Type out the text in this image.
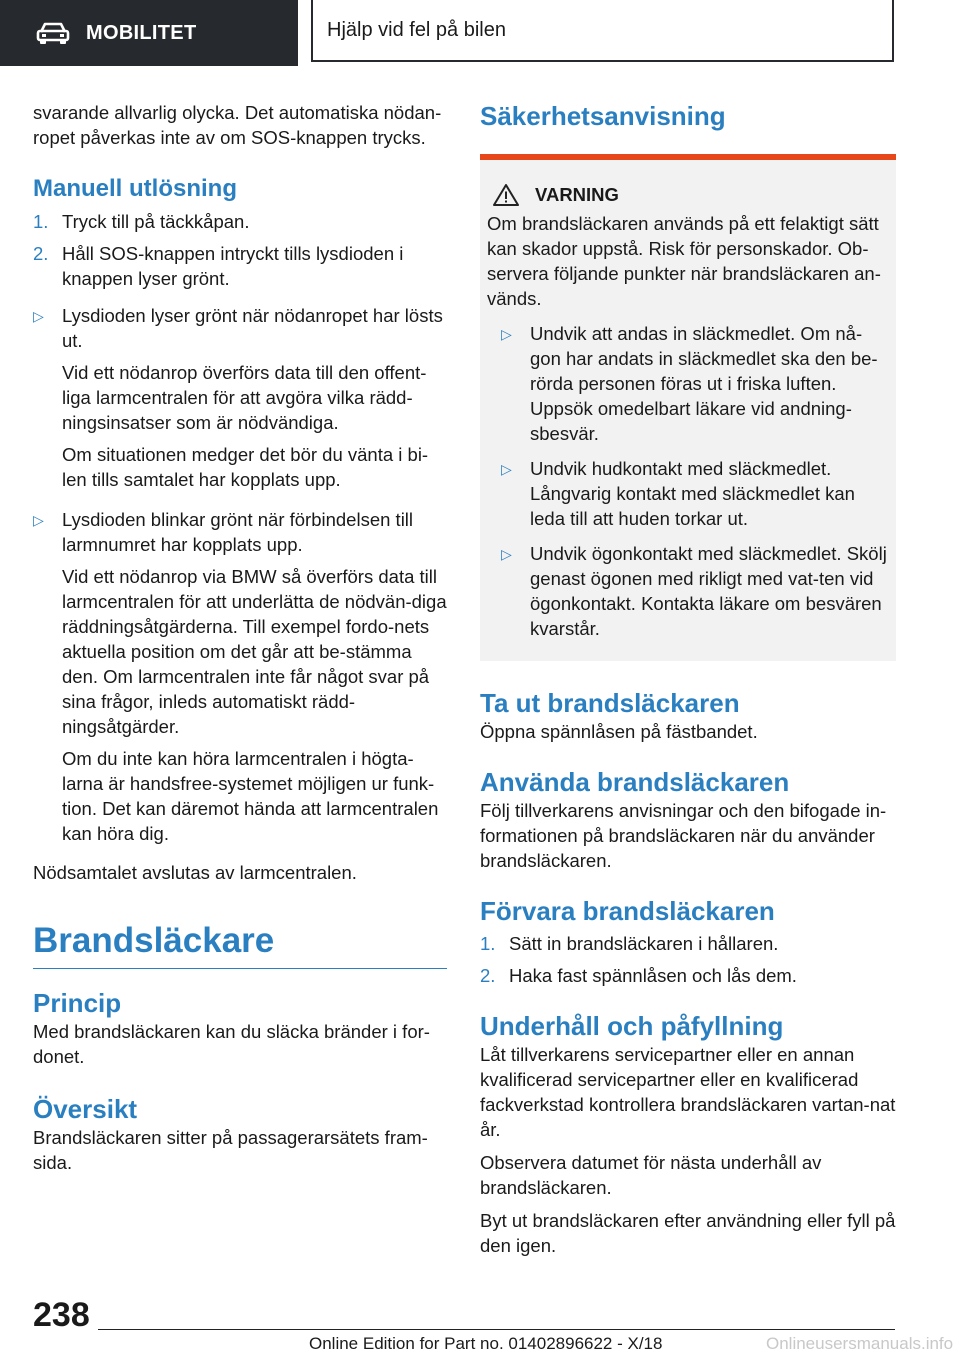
MOBILITET	Hjälp vid fel på bilen

svarande allvarlig olycka. Det automatiska nödan-ropet påverkas inte av om SOS-knappen trycks.

Manuell utlösning
1. Tryck till på täckkåpan.
2. Håll SOS-knappen intryckt tills lysdioden i knappen lyser grönt.
▷ Lysdioden lyser grönt när nödanropet har lösts ut.

Vid ett nödanrop överförs data till den offent-liga larmcentralen för att avgöra vilka rädd-ningsinsatser som är nödvändiga.

Om situationen medger det bör du vänta i bi-len tills samtalet har kopplats upp.

▷ Lysdioden blinkar grönt när förbindelsen till larmnumret har kopplats upp.

Vid ett nödanrop via BMW så överförs data till larmcentralen för att underlätta de nödvän-diga räddningsåtgärderna. Till exempel fordo-nets aktuella position om det går att be-stämma den. Om larmcentralen inte får något svar på sina frågor, inleds automatiskt rädd-ningsåtgärder.

Om du inte kan höra larmcentralen i högta-larna är handsfree-systemet möjligen ur funk-tion. Det kan däremot hända att larmcentralen kan höra dig.

Nödsamtalet avslutas av larmcentralen.

Brandsläckare
Princip

Med brandsläckaren kan du släcka bränder i for-donet.

Översikt

Brandsläckaren sitter på passagerarsätets fram-sida.

Säkerhetsanvisning
VARNING

Om brandsläckaren används på ett felaktigt sätt kan skador uppstå. Risk för personskador. Ob-servera följande punkter när brandsläckaren an-vänds.

▷ Undvik att andas in släckmedlet. Om nå-gon har andats in släckmedlet ska den be-rörda personen föras ut i friska luften. Uppsök omedelbart läkare vid andning-sbesvär.
▷ Undvik hudkontakt med släckmedlet. Långvarig kontakt med släckmedlet kan leda till att huden torkar ut.
▷ Undvik ögonkontakt med släckmedlet. Skölj genast ögonen med rikligt med vat-ten vid ögonkontakt. Kontakta läkare om besvären kvarstår.
Ta ut brandsläckaren

Öppna spännlåsen på fästbandet.

Använda brandsläckaren

Följ tillverkarens anvisningar och den bifogade in-formationen på brandsläckaren när du använder brandsläckaren.

Förvara brandsläckaren
1. Sätt in brandsläckaren i hållaren.
2. Haka fast spännlåsen och lås dem.
Underhåll och påfyllning

Låt tillverkarens servicepartner eller en annan kvalificerad servicepartner eller en kvalificerad fackverkstad kontrollera brandsläckaren vartan-nat år.

Observera datumet för nästa underhåll av brandsläckaren.

Byt ut brandsläckaren efter användning eller fyll på den igen.

238
Online Edition for Part no. 01402896622 - X/18	Onlineusersmanuals.info
